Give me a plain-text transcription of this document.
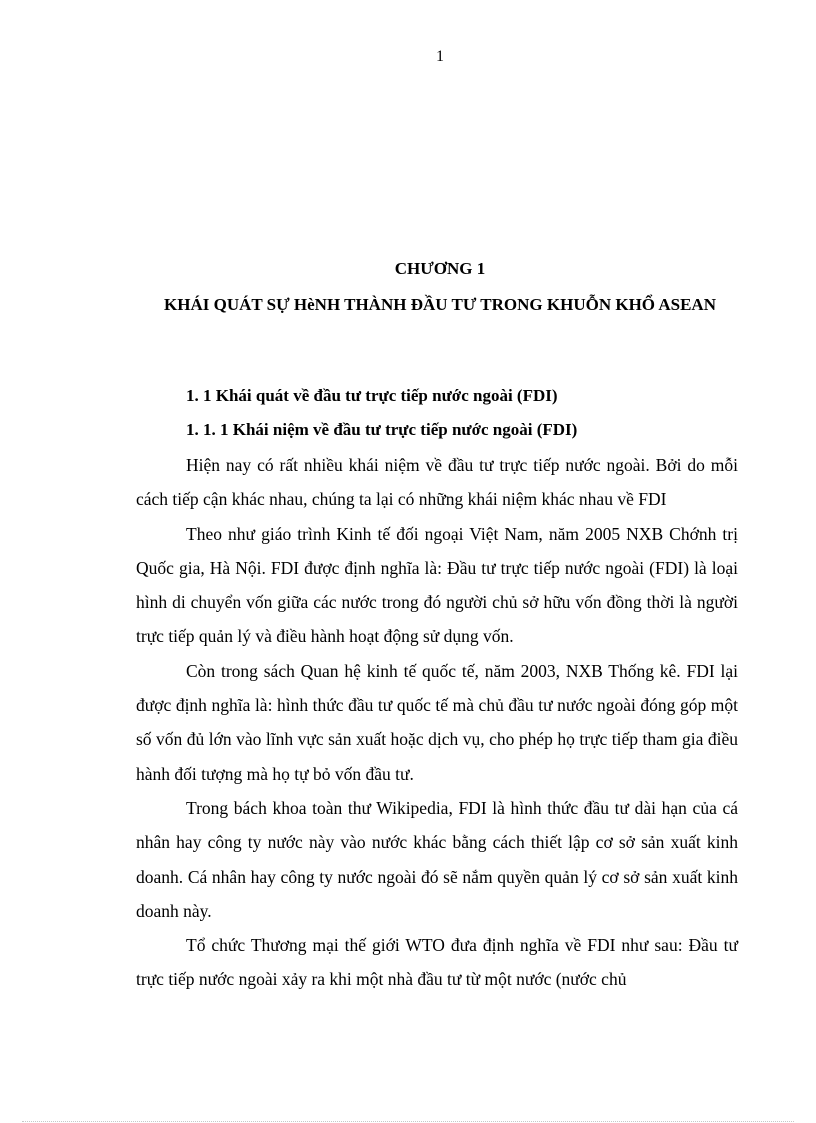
1
CHƯƠNG 1
KHÁI QUÁT SỰ HèNH THÀNH ĐẦU TƯ TRONG KHUỖN KHỔ ASEAN
1. 1 Khái quát về đầu tư trực tiếp nước ngoài (FDI)
1. 1. 1 Khái niệm về đầu tư trực tiếp nước ngoài (FDI)

Hiện nay có rất nhiều khái niệm về đầu tư trực tiếp nước ngoài. Bởi do mỗi cách tiếp cận khác nhau, chúng ta lại có những khái niệm khác nhau về FDI

Theo như giáo trình Kinh tế đối ngoại Việt Nam, năm 2005 NXB Chớnh trị Quốc gia, Hà Nội. FDI được định nghĩa là: Đầu tư trực tiếp nước ngoài (FDI) là loại hình di chuyển vốn giữa các nước trong đó người chủ sở hữu vốn đồng thời là người trực tiếp quản lý và điều hành hoạt động sử dụng vốn.

Còn trong sách Quan hệ kinh tế quốc tế, năm 2003, NXB Thống kê. FDI lại được định nghĩa là: hình thức đầu tư quốc tế mà chủ đầu tư nước ngoài đóng góp một số vốn đủ lớn vào lĩnh vực sản xuất hoặc dịch vụ, cho phép họ trực tiếp tham gia điều hành đối tượng mà họ tự bỏ vốn đầu tư.

Trong bách khoa toàn thư Wikipedia, FDI là hình thức đầu tư dài hạn của cá nhân hay công ty nước này vào nước khác bằng cách thiết lập cơ sở sản xuất kinh doanh. Cá nhân hay công ty nước ngoài đó sẽ nắm quyền quản lý cơ sở sản xuất kinh doanh này.

Tổ chức Thương mại thế giới WTO đưa định nghĩa về FDI như sau: Đầu tư trực tiếp nước ngoài xảy ra khi một nhà đầu tư từ một nước (nước chủ
